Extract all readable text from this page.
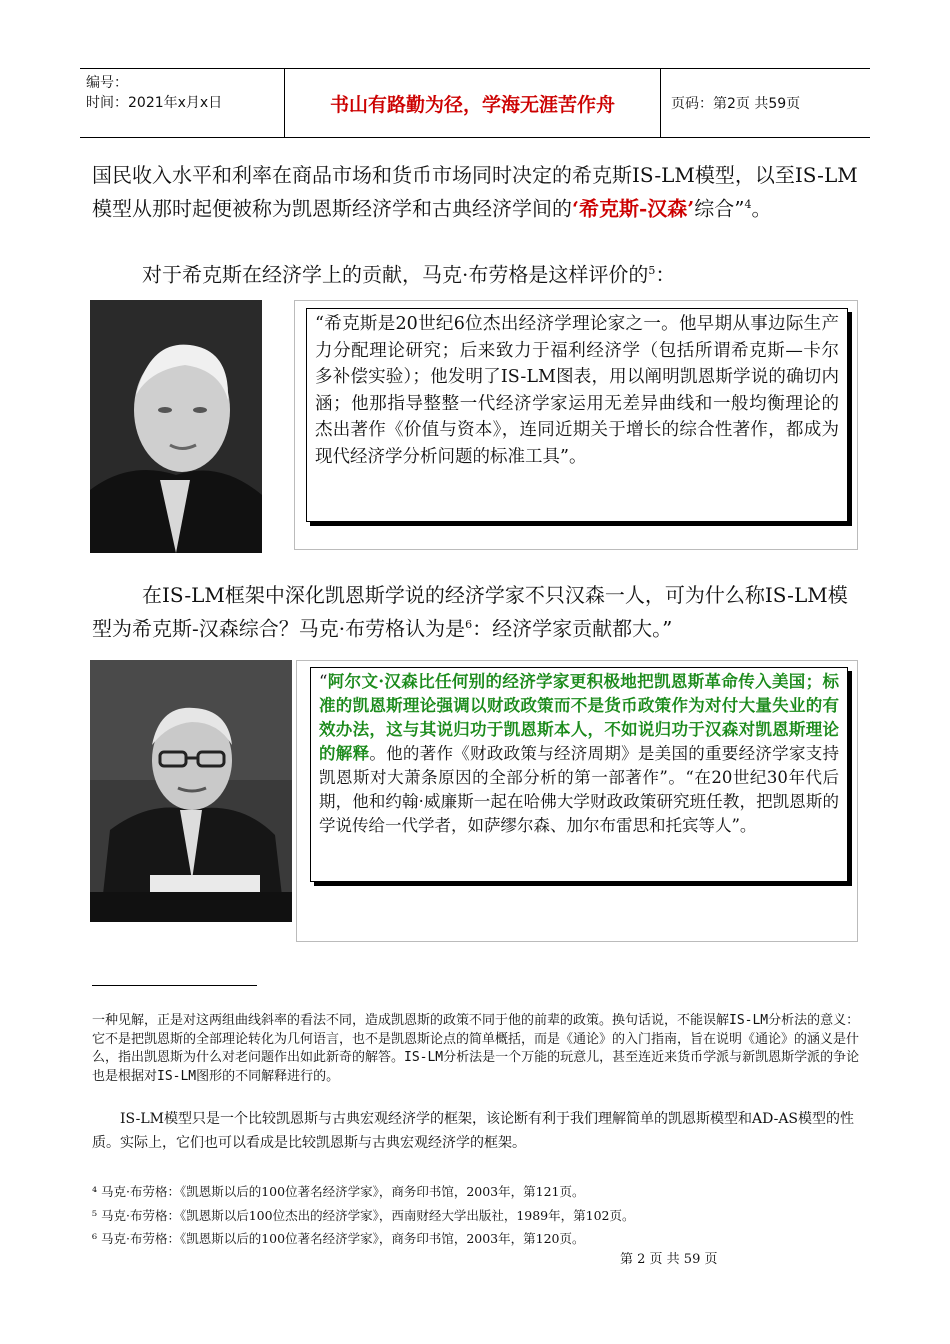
编号：
时间：2021年x月x日	书山有路勤为径，学海无涯苦作舟	页码：第2页 共59页
国民收入水平和利率在商品市场和货币市场同时决定的希克斯IS-LM模型，以至IS-LM模型从那时起便被称为凯恩斯经济学和古典经济学间的‘希克斯-汉森’综合”$^4$。
对于希克斯在经济学上的贡献，马克·布劳格是这样评价的$^5$：
“希克斯是20世纪6位杰出经济学理论家之一。他早期从事边际生产力分配理论研究；后来致力于福利经济学（包括所谓希克斯—卡尔多补偿实验）；他发明了IS-LM图表，用以阐明凯恩斯学说的确切内涵；他那指导整整一代经济学家运用无差异曲线和一般均衡理论的杰出著作《价值与资本》，连同近期关于增长的综合性著作，都成为现代经济学分析问题的标准工具”。
在IS-LM框架中深化凯恩斯学说的经济学家不只汉森一人，可为什么称IS-LM模型为希克斯-汉森综合？马克·布劳格认为是$^6$：经济学家贡献都大。”
“阿尔文·汉森比任何别的经济学家更积极地把凯恩斯革命传入美国；标准的凯恩斯理论强调以财政政策而不是货币政策作为对付大量失业的有效办法，这与其说归功于凯恩斯本人，不如说归功于汉森对凯恩斯理论的解释。他的著作《财政政策与经济周期》是美国的重要经济学家支持凯恩斯对大萧条原因的全部分析的第一部著作”。“在20世纪30年代后期，他和约翰·威廉斯一起在哈佛大学财政政策研究班任教，把凯恩斯的学说传给一代学者，如萨缪尔森、加尔布雷思和托宾等人”。
一种见解，正是对这两组曲线斜率的看法不同，造成凯恩斯的政策不同于他的前辈的政策。换句话说，不能误解IS-LM分析法的意义：它不是把凯恩斯的全部理论转化为几何语言，也不是凯恩斯论点的简单概括，而是《通论》的入门指南，旨在说明《通论》的涵义是什么，指出凯恩斯为什么对老问题作出如此新奇的解答。IS-LM分析法是一个万能的玩意儿，甚至连近来货币学派与新凯恩斯学派的争论也是根据对IS-LM图形的不同解释进行的。
IS-LM模型只是一个比较凯恩斯与古典宏观经济学的框架，该论断有利于我们理解简单的凯恩斯模型和AD-AS模型的性质。实际上，它们也可以看成是比较凯恩斯与古典宏观经济学的框架。
⁴ 马克·布劳格：《凯恩斯以后的100位著名经济学家》，商务印书馆，2003年，第121页。
⁵ 马克·布劳格：《凯恩斯以后100位杰出的经济学家》，西南财经大学出版社，1989年，第102页。
⁶ 马克·布劳格：《凯恩斯以后的100位著名经济学家》，商务印书馆，2003年，第120页。
第 2 页 共 59 页
